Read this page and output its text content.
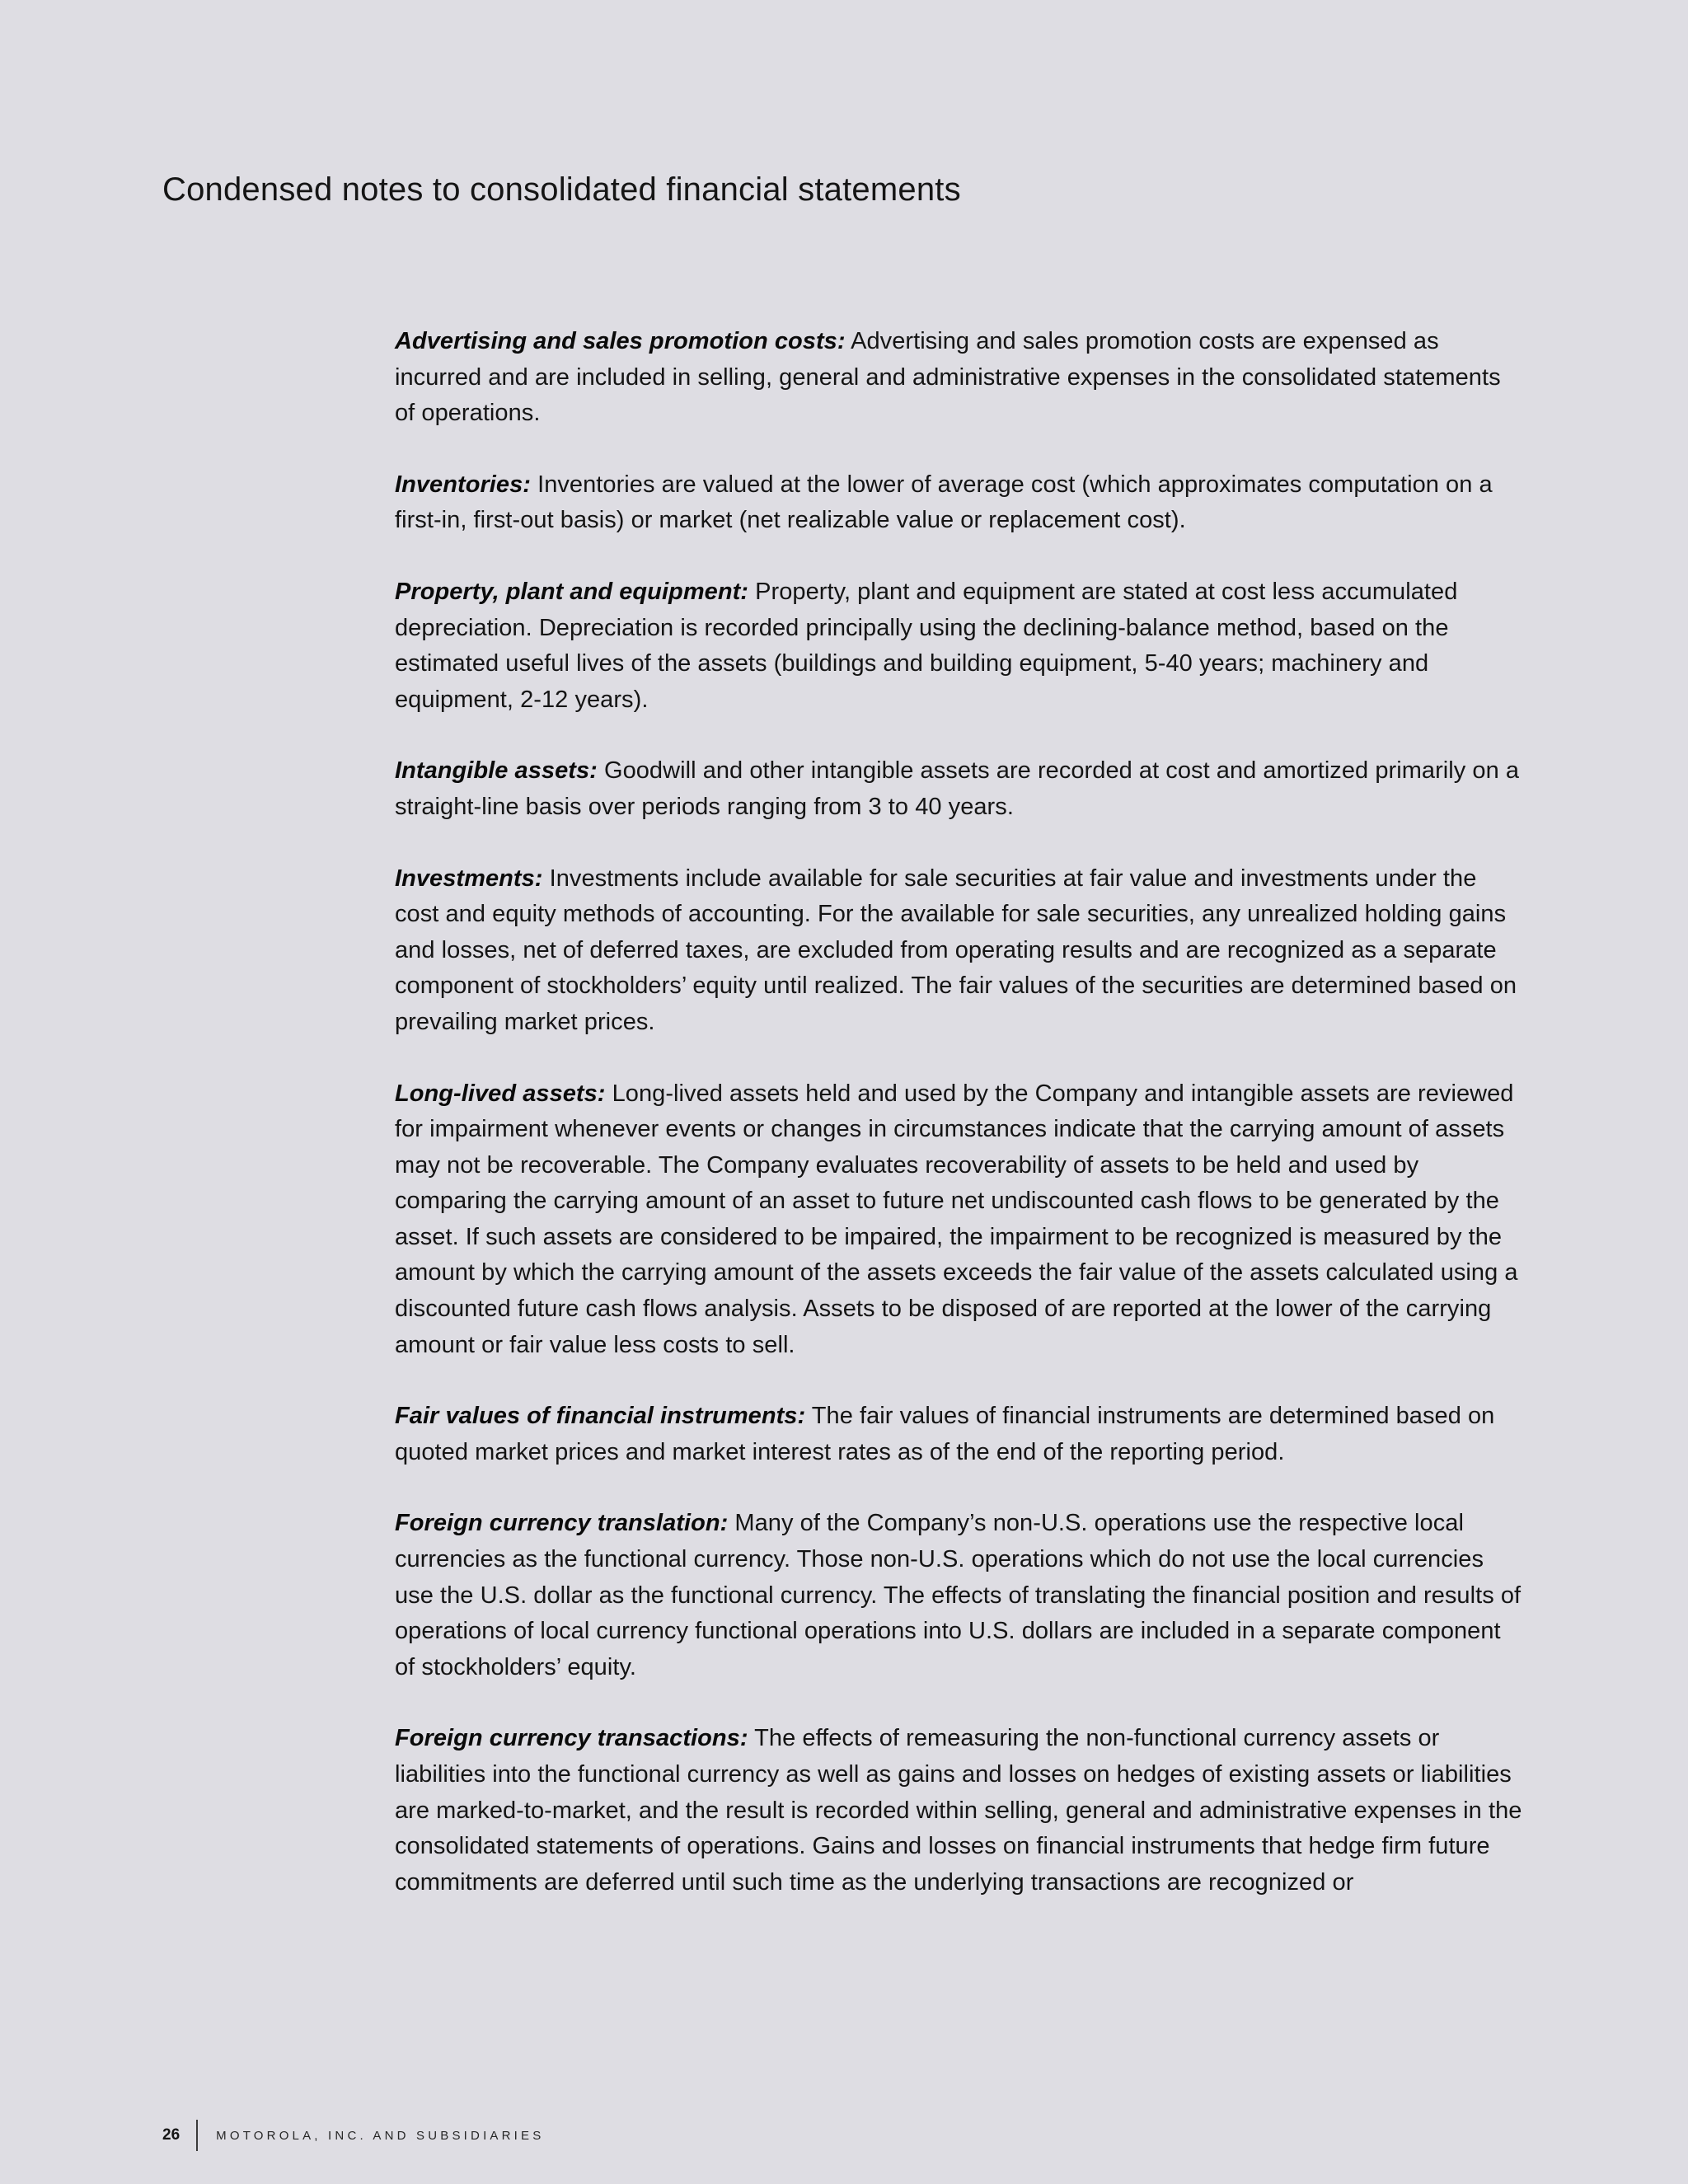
Condensed notes to consolidated financial statements

Advertising and sales promotion costs: Advertising and sales promotion costs are expensed as incurred and are included in selling, general and administrative expenses in the consolidated statements of operations.

Inventories: Inventories are valued at the lower of average cost (which approximates computation on a first-in, first-out basis) or market (net realizable value or replacement cost).

Property, plant and equipment: Property, plant and equipment are stated at cost less accumulated depreciation. Depreciation is recorded principally using the declining-balance method, based on the estimated useful lives of the assets (buildings and building equipment, 5-40 years; machinery and equipment, 2-12 years).

Intangible assets: Goodwill and other intangible assets are recorded at cost and amortized primarily on a straight-line basis over periods ranging from 3 to 40 years.

Investments: Investments include available for sale securities at fair value and investments under the cost and equity methods of accounting. For the available for sale securities, any unrealized holding gains and losses, net of deferred taxes, are excluded from operating results and are recognized as a separate component of stockholders’ equity until realized. The fair values of the securities are determined based on prevailing market prices.

Long-lived assets: Long-lived assets held and used by the Company and intangible assets are reviewed for impairment whenever events or changes in circumstances indicate that the carrying amount of assets may not be recoverable. The Company evaluates recoverability of assets to be held and used by comparing the carrying amount of an asset to future net undiscounted cash flows to be generated by the asset. If such assets are considered to be impaired, the impairment to be recognized is measured by the amount by which the carrying amount of the assets exceeds the fair value of the assets calculated using a discounted future cash flows analysis. Assets to be disposed of are reported at the lower of the carrying amount or fair value less costs to sell.

Fair values of financial instruments: The fair values of financial instruments are determined based on quoted market prices and market interest rates as of the end of the reporting period.

Foreign currency translation: Many of the Company’s non-U.S. operations use the respective local currencies as the functional currency. Those non-U.S. operations which do not use the local currencies use the U.S. dollar as the functional currency. The effects of translating the financial position and results of operations of local currency functional operations into U.S. dollars are included in a separate component of stockholders’ equity.

Foreign currency transactions: The effects of remeasuring the non-functional currency assets or liabilities into the functional currency as well as gains and losses on hedges of existing assets or liabilities are marked-to-market, and the result is recorded within selling, general and administrative expenses in the consolidated statements of operations. Gains and losses on financial instruments that hedge firm future commitments are deferred until such time as the underlying transactions are recognized or

26	MOTOROLA, INC. AND SUBSIDIARIES
